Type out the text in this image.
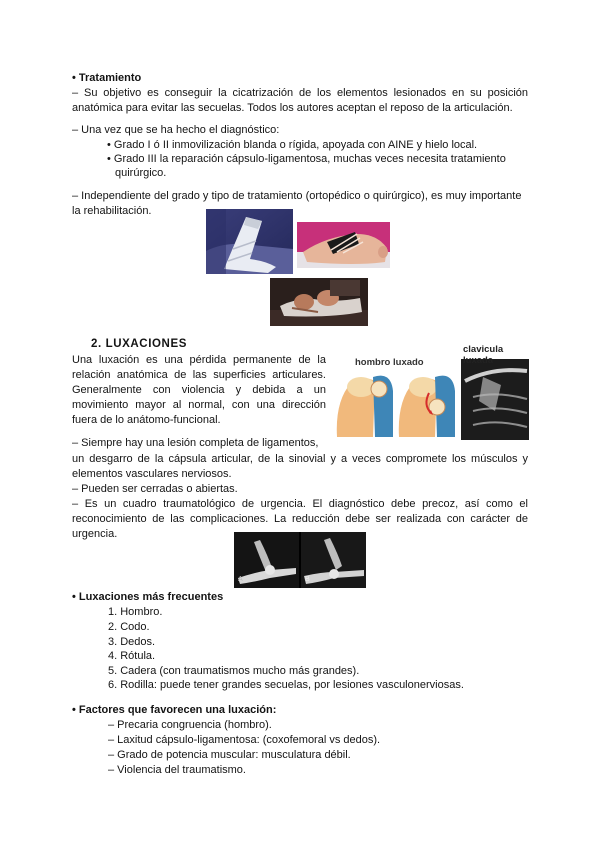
• Tratamiento
– Su objetivo es conseguir la cicatrización de los elementos lesionados en su posición
anatómica para evitar las secuelas. Todos los autores aceptan el reposo de la articulación.
– Una vez que se ha hecho el diagnóstico:
• Grado I ó II inmovilización blanda o rígida, apoyada con AINE y hielo local.
• Grado III la reparación cápsulo-ligamentosa, muchas veces necesita tratamiento
quirúrgico.
– Independiente del grado y tipo de tratamiento (ortopédico o quirúrgico), es muy importante
la rehabilitación.
2. LUXACIONES
Una luxación es una pérdida permanente de la
relación anatómica de las superficies articulares.
Generalmente con violencia y debida a un
movimiento mayor al normal, con una dirección
fuera de lo anátomo-funcional.
hombro luxado
clavicula luxada
– Siempre hay una lesión completa de ligamentos,
un desgarro de la cápsula articular, de la sinovial y a veces compromete los músculos y
elementos vasculares nerviosos.
– Pueden ser cerradas o abiertas.
– Es un cuadro traumatológico de urgencia. El diagnóstico debe precoz, así como el
reconocimiento de las complicaciones. La reducción debe ser realizada con carácter de
urgencia.
A	B
• Luxaciones más frecuentes
1. Hombro.
2. Codo.
3. Dedos.
4. Rótula.
5. Cadera (con traumatismos mucho más grandes).
6. Rodilla: puede tener grandes secuelas, por lesiones vasculonerviosas.
• Factores que favorecen una luxación:
– Precaria congruencia (hombro).
– Laxitud cápsulo-ligamentosa: (coxofemoral vs dedos).
– Grado de potencia muscular: musculatura débil.
– Violencia del traumatismo.
